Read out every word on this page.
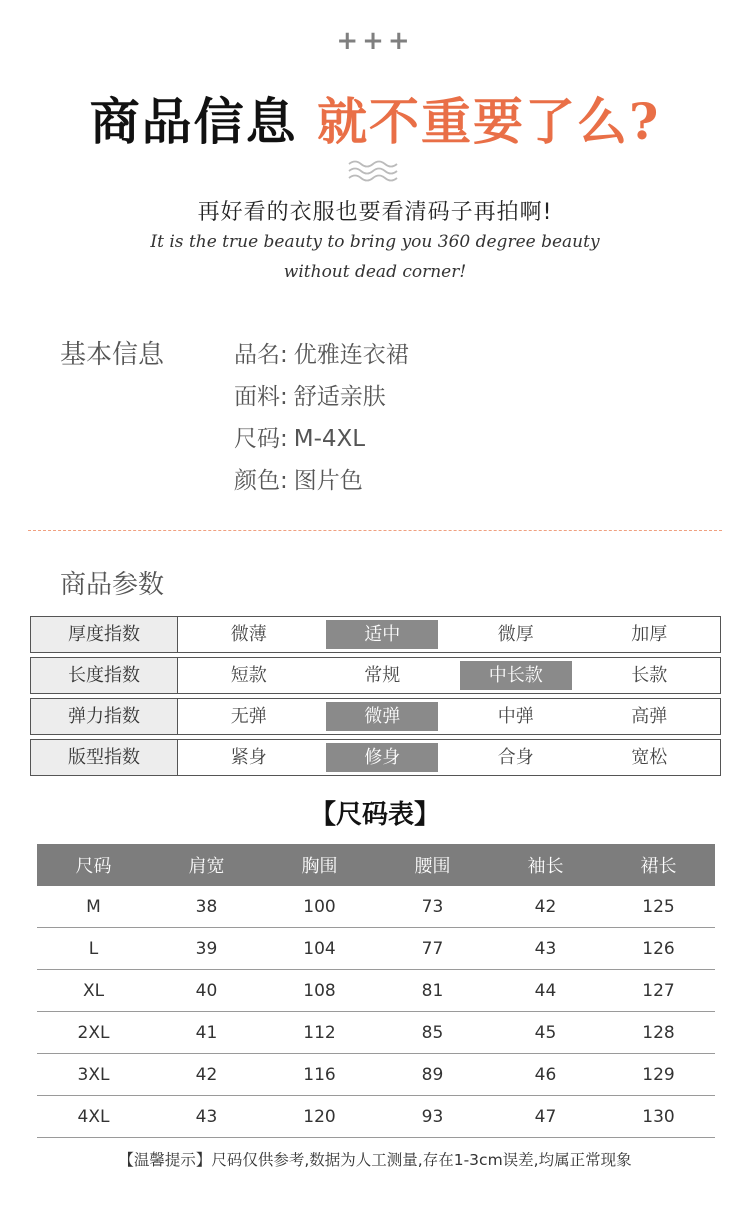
+++
商品信息 就不重要了么?
再好看的衣服也要看清码子再拍啊!
It is the true beauty to bring you 360 degree beauty
without dead corner!
基本信息	品名: 优雅连衣裙
面料: 舒适亲肤
尺码: M-4XL
颜色: 图片色
商品参数
厚度指数	微薄	适中	微厚	加厚
长度指数	短款	常规	中长款	长款
弹力指数	无弹	微弹	中弹	高弹
版型指数	紧身	修身	合身	宽松
【尺码表】
尺码	肩宽	胸围	腰围	袖长	裙长
M	38	100	73	42	125
L	39	104	77	43	126
XL	40	108	81	44	127
2XL	41	112	85	45	128
3XL	42	116	89	46	129
4XL	43	120	93	47	130
【温馨提示】尺码仅供参考,数据为人工测量,存在1-3cm误差,均属正常现象
